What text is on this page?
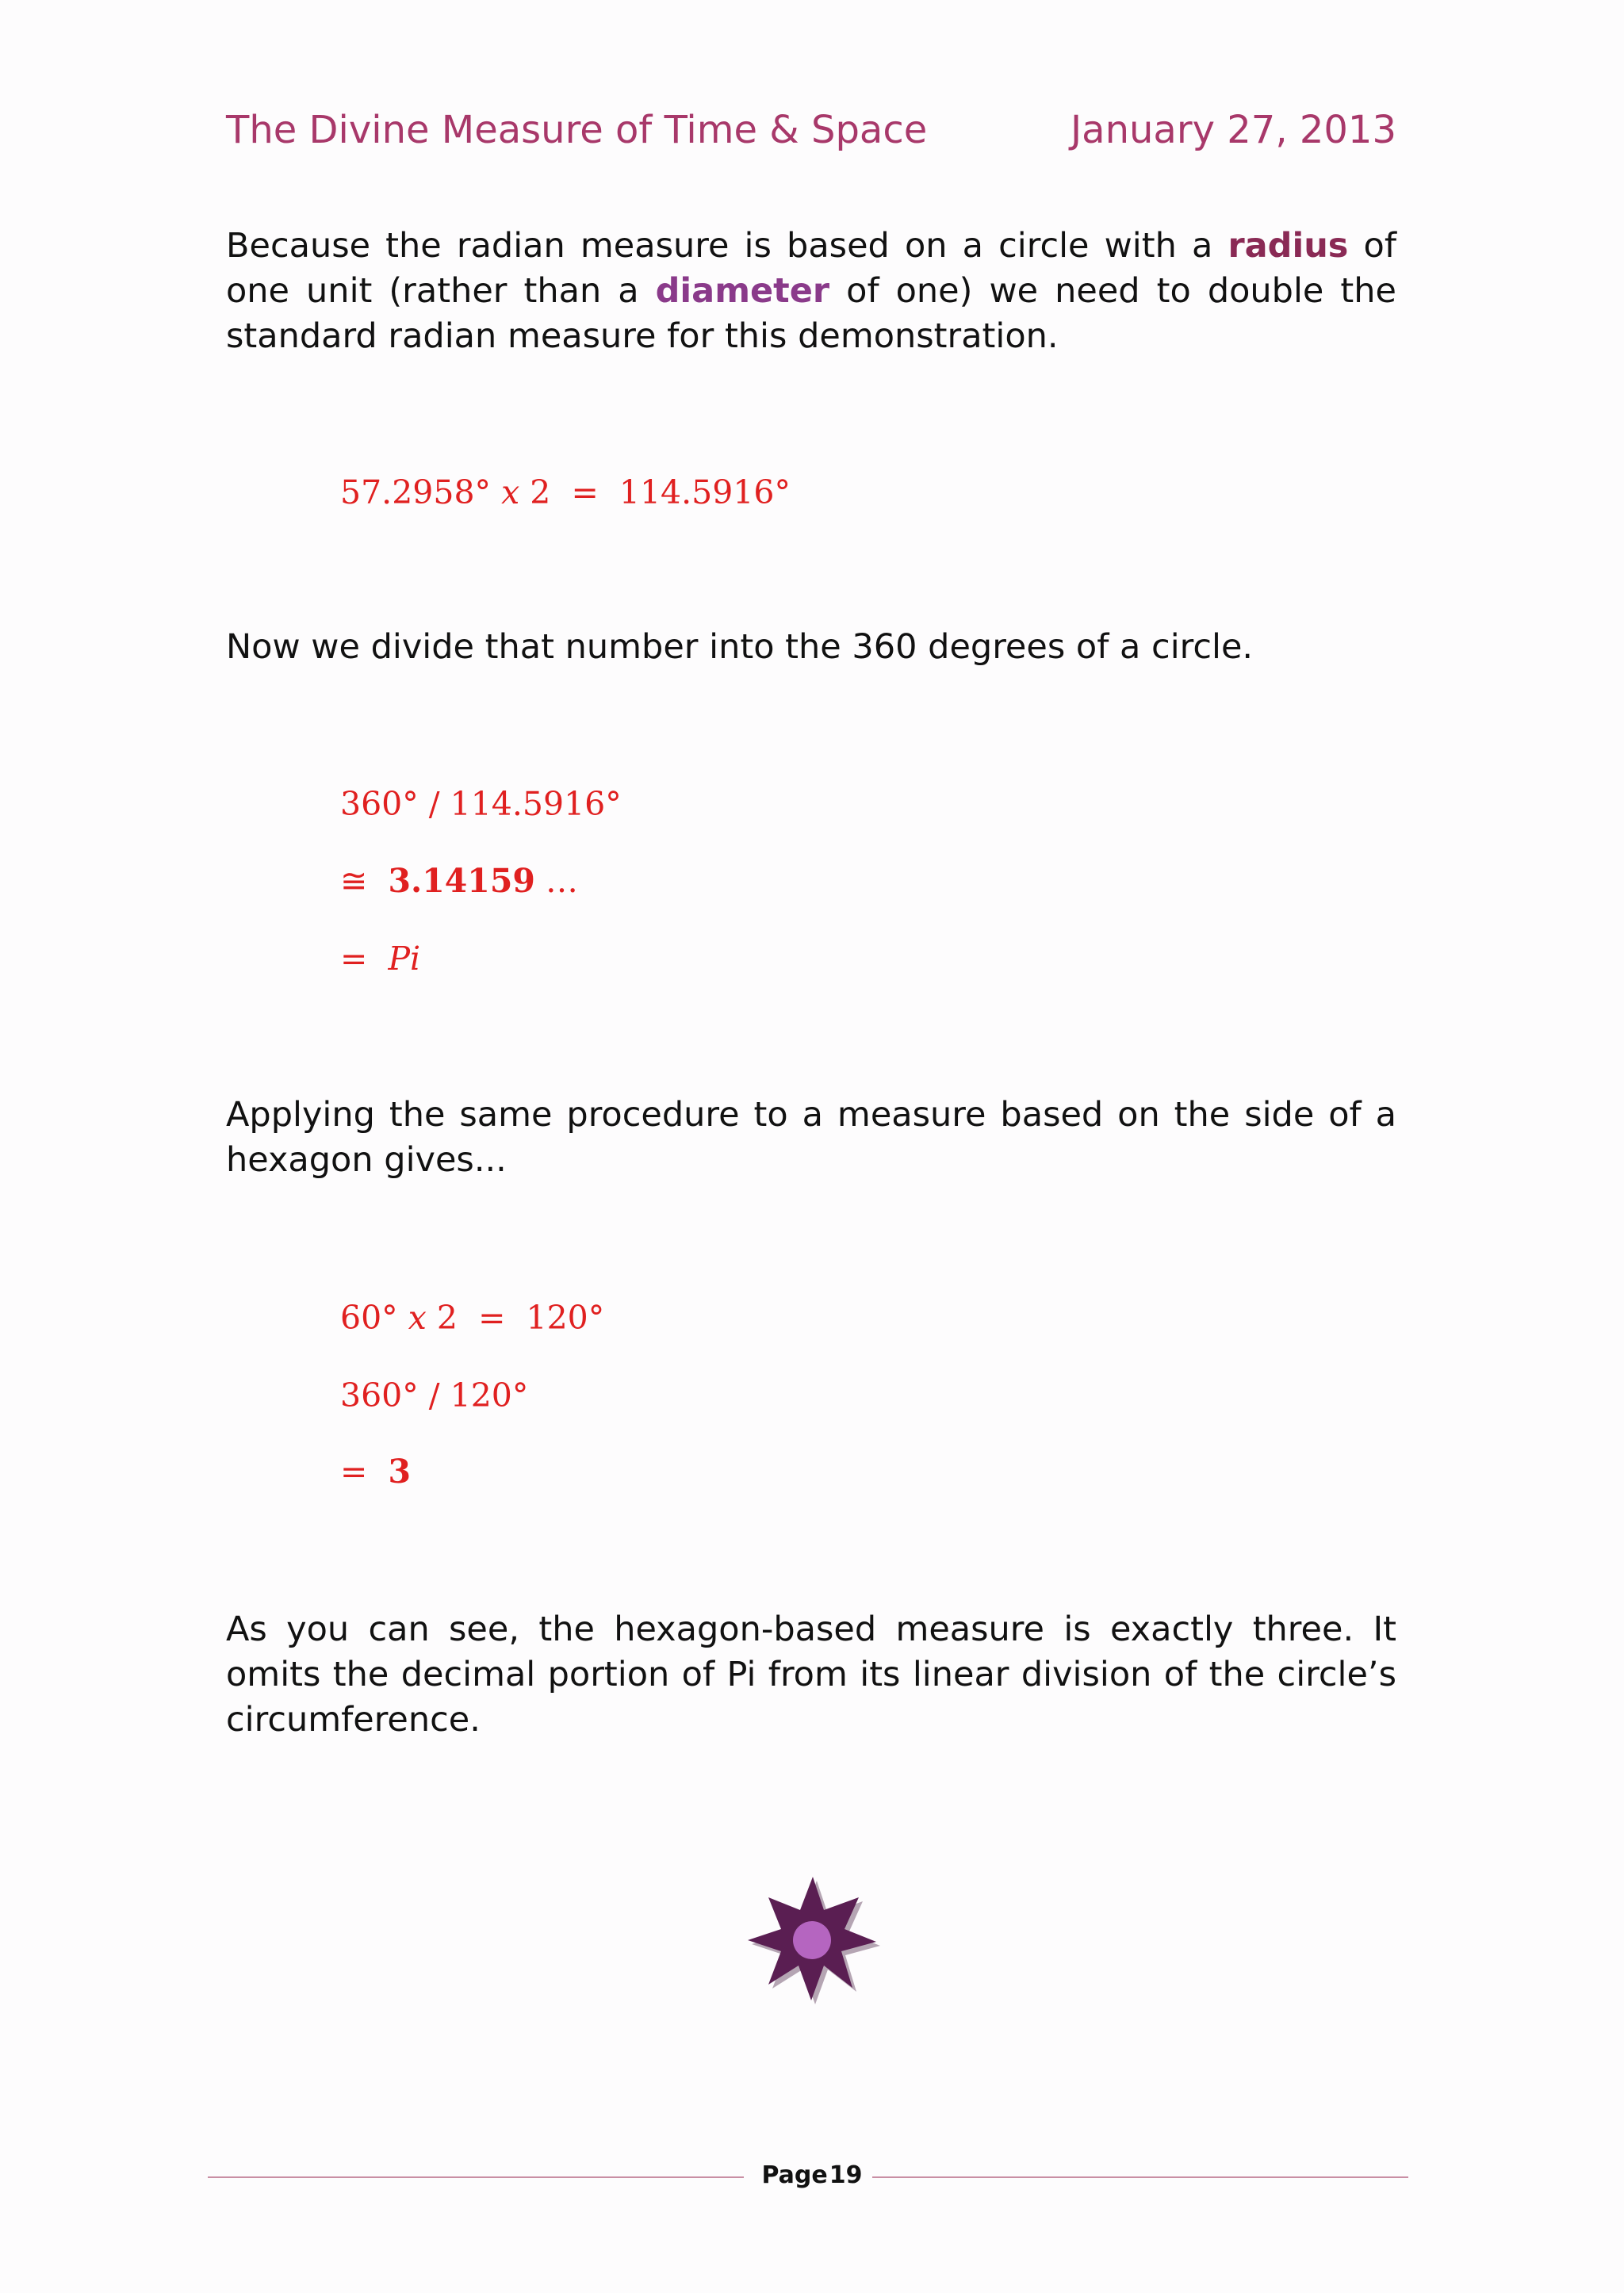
The Divine Measure of Time & Space	January 27, 2013

Because the radian measure is based on a circle with a radius of one unit (rather than a diameter of one) we need to double the standard radian measure for this demonstration.

57.2958° x 2 = 114.5916°

Now we divide that number into the 360 degrees of a circle.

360° / 114.5916°
≅ 3.14159 …
= Pi

Applying the same procedure to a measure based on the side of a hexagon gives...

60° x 2 = 120°
360° / 120°
= 3

As you can see, the hexagon-based measure is exactly three. It omits the decimal portion of Pi from its linear division of the circle’s circumference.

Page19
